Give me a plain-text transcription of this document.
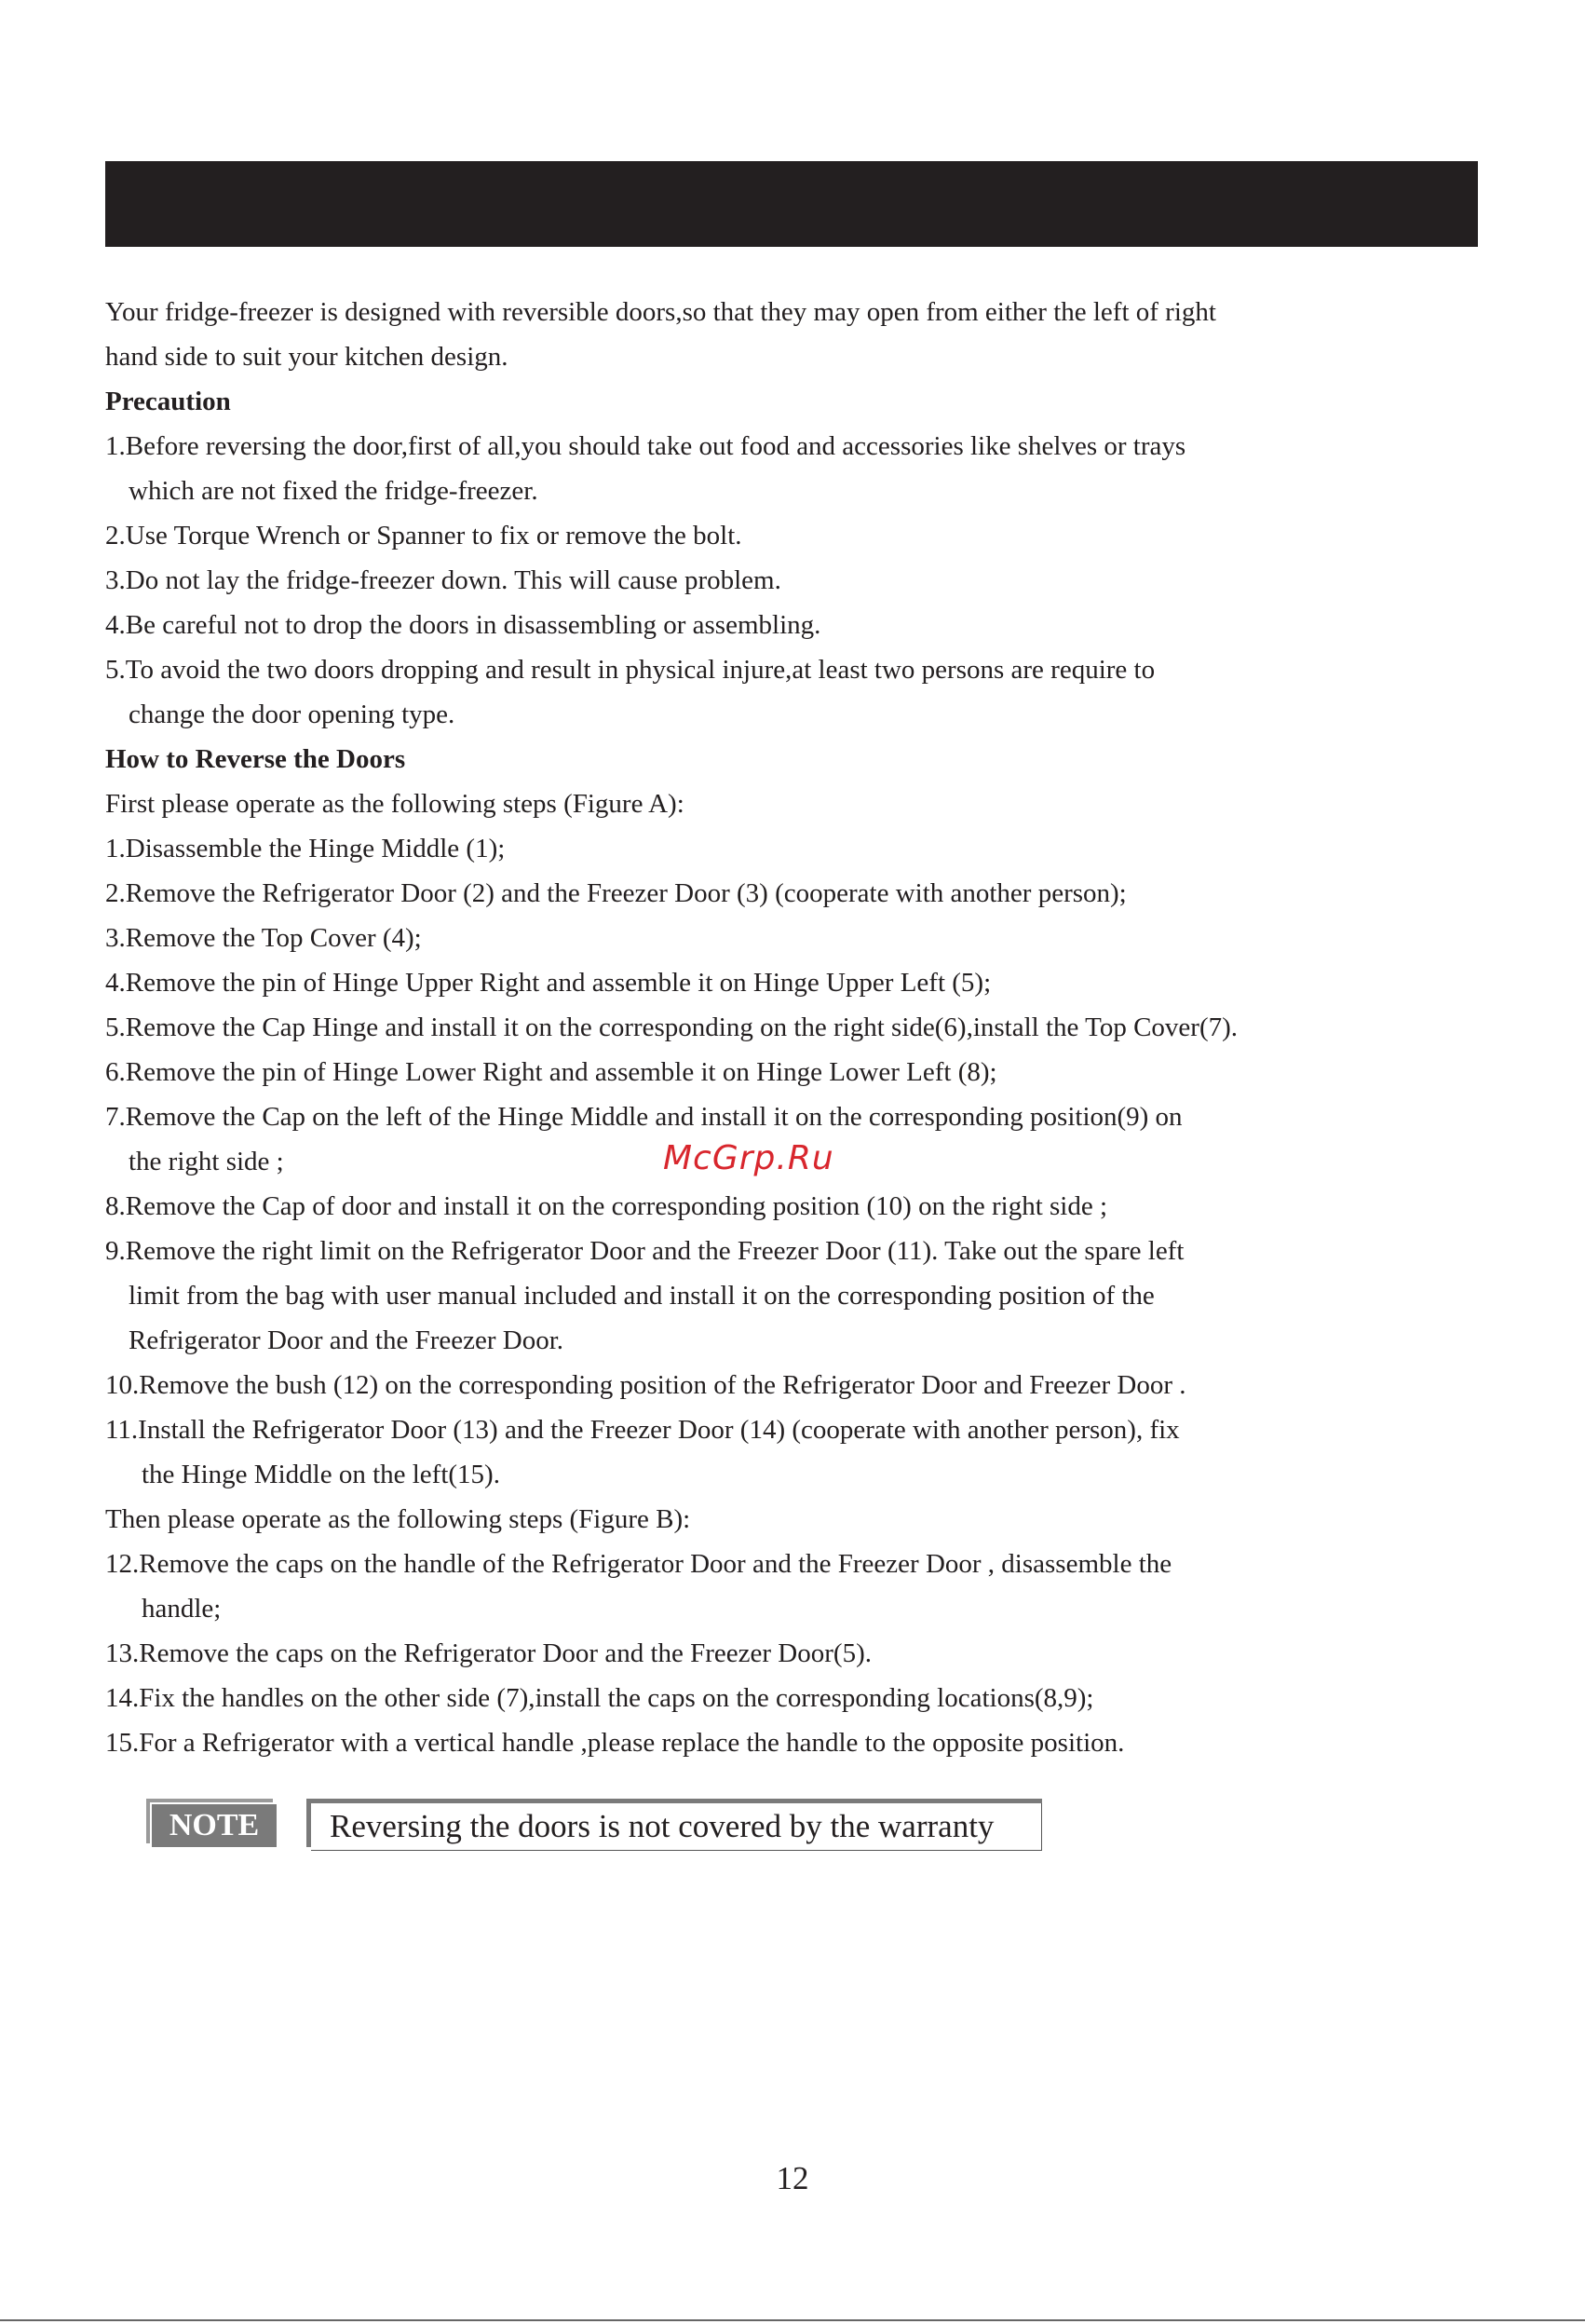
Your fridge-freezer is designed with reversible doors,so that they may open from either the left of right
hand side to suit your kitchen design.
Precaution
1.Before reversing the door,first of all,you should take out food and accessories like shelves or trays
which are not fixed the fridge-freezer.
2.Use Torque Wrench or Spanner to fix or remove the bolt.
3.Do not lay the fridge-freezer down. This will cause problem.
4.Be careful not to drop the doors in disassembling or assembling.
5.To avoid the two doors dropping and result in physical injure,at least two persons are require to
change the door opening type.
How to Reverse the Doors
First please operate as the following steps (Figure A):
1.Disassemble the Hinge Middle (1);
2.Remove the Refrigerator Door (2) and the Freezer Door (3) (cooperate with another person);
3.Remove the Top Cover (4);
4.Remove the pin of Hinge Upper Right and assemble it on Hinge Upper Left (5);
5.Remove the Cap Hinge and install it on the corresponding on the right side(6),install the Top Cover(7).
6.Remove the pin of Hinge Lower Right and assemble it on Hinge Lower Left (8);
7.Remove the Cap on the left of the Hinge Middle and install it on the corresponding position(9) on
the right side ;
8.Remove the Cap of door and install it on the corresponding position (10) on the right side ;
9.Remove the right limit on the Refrigerator Door and the Freezer Door (11). Take out the spare left
limit from the bag with user manual included and install it on the corresponding position of the
Refrigerator Door and the Freezer Door.
10.Remove the bush (12) on the corresponding position of the Refrigerator Door and Freezer Door .
11.Install the Refrigerator Door (13) and the Freezer Door (14) (cooperate with another person), fix
the Hinge Middle on the left(15).
Then please operate as the following steps (Figure B):
12.Remove the caps on the handle of the Refrigerator Door and the Freezer Door , disassemble the
handle;
13.Remove the caps on the Refrigerator Door and the Freezer Door(5).
14.Fix the handles on the other side (7),install the caps on the corresponding locations(8,9);
15.For a Refrigerator with a vertical handle ,please replace the handle to the opposite position.
McGrp.Ru
NOTE	Reversing the doors is not covered by the warranty
12
